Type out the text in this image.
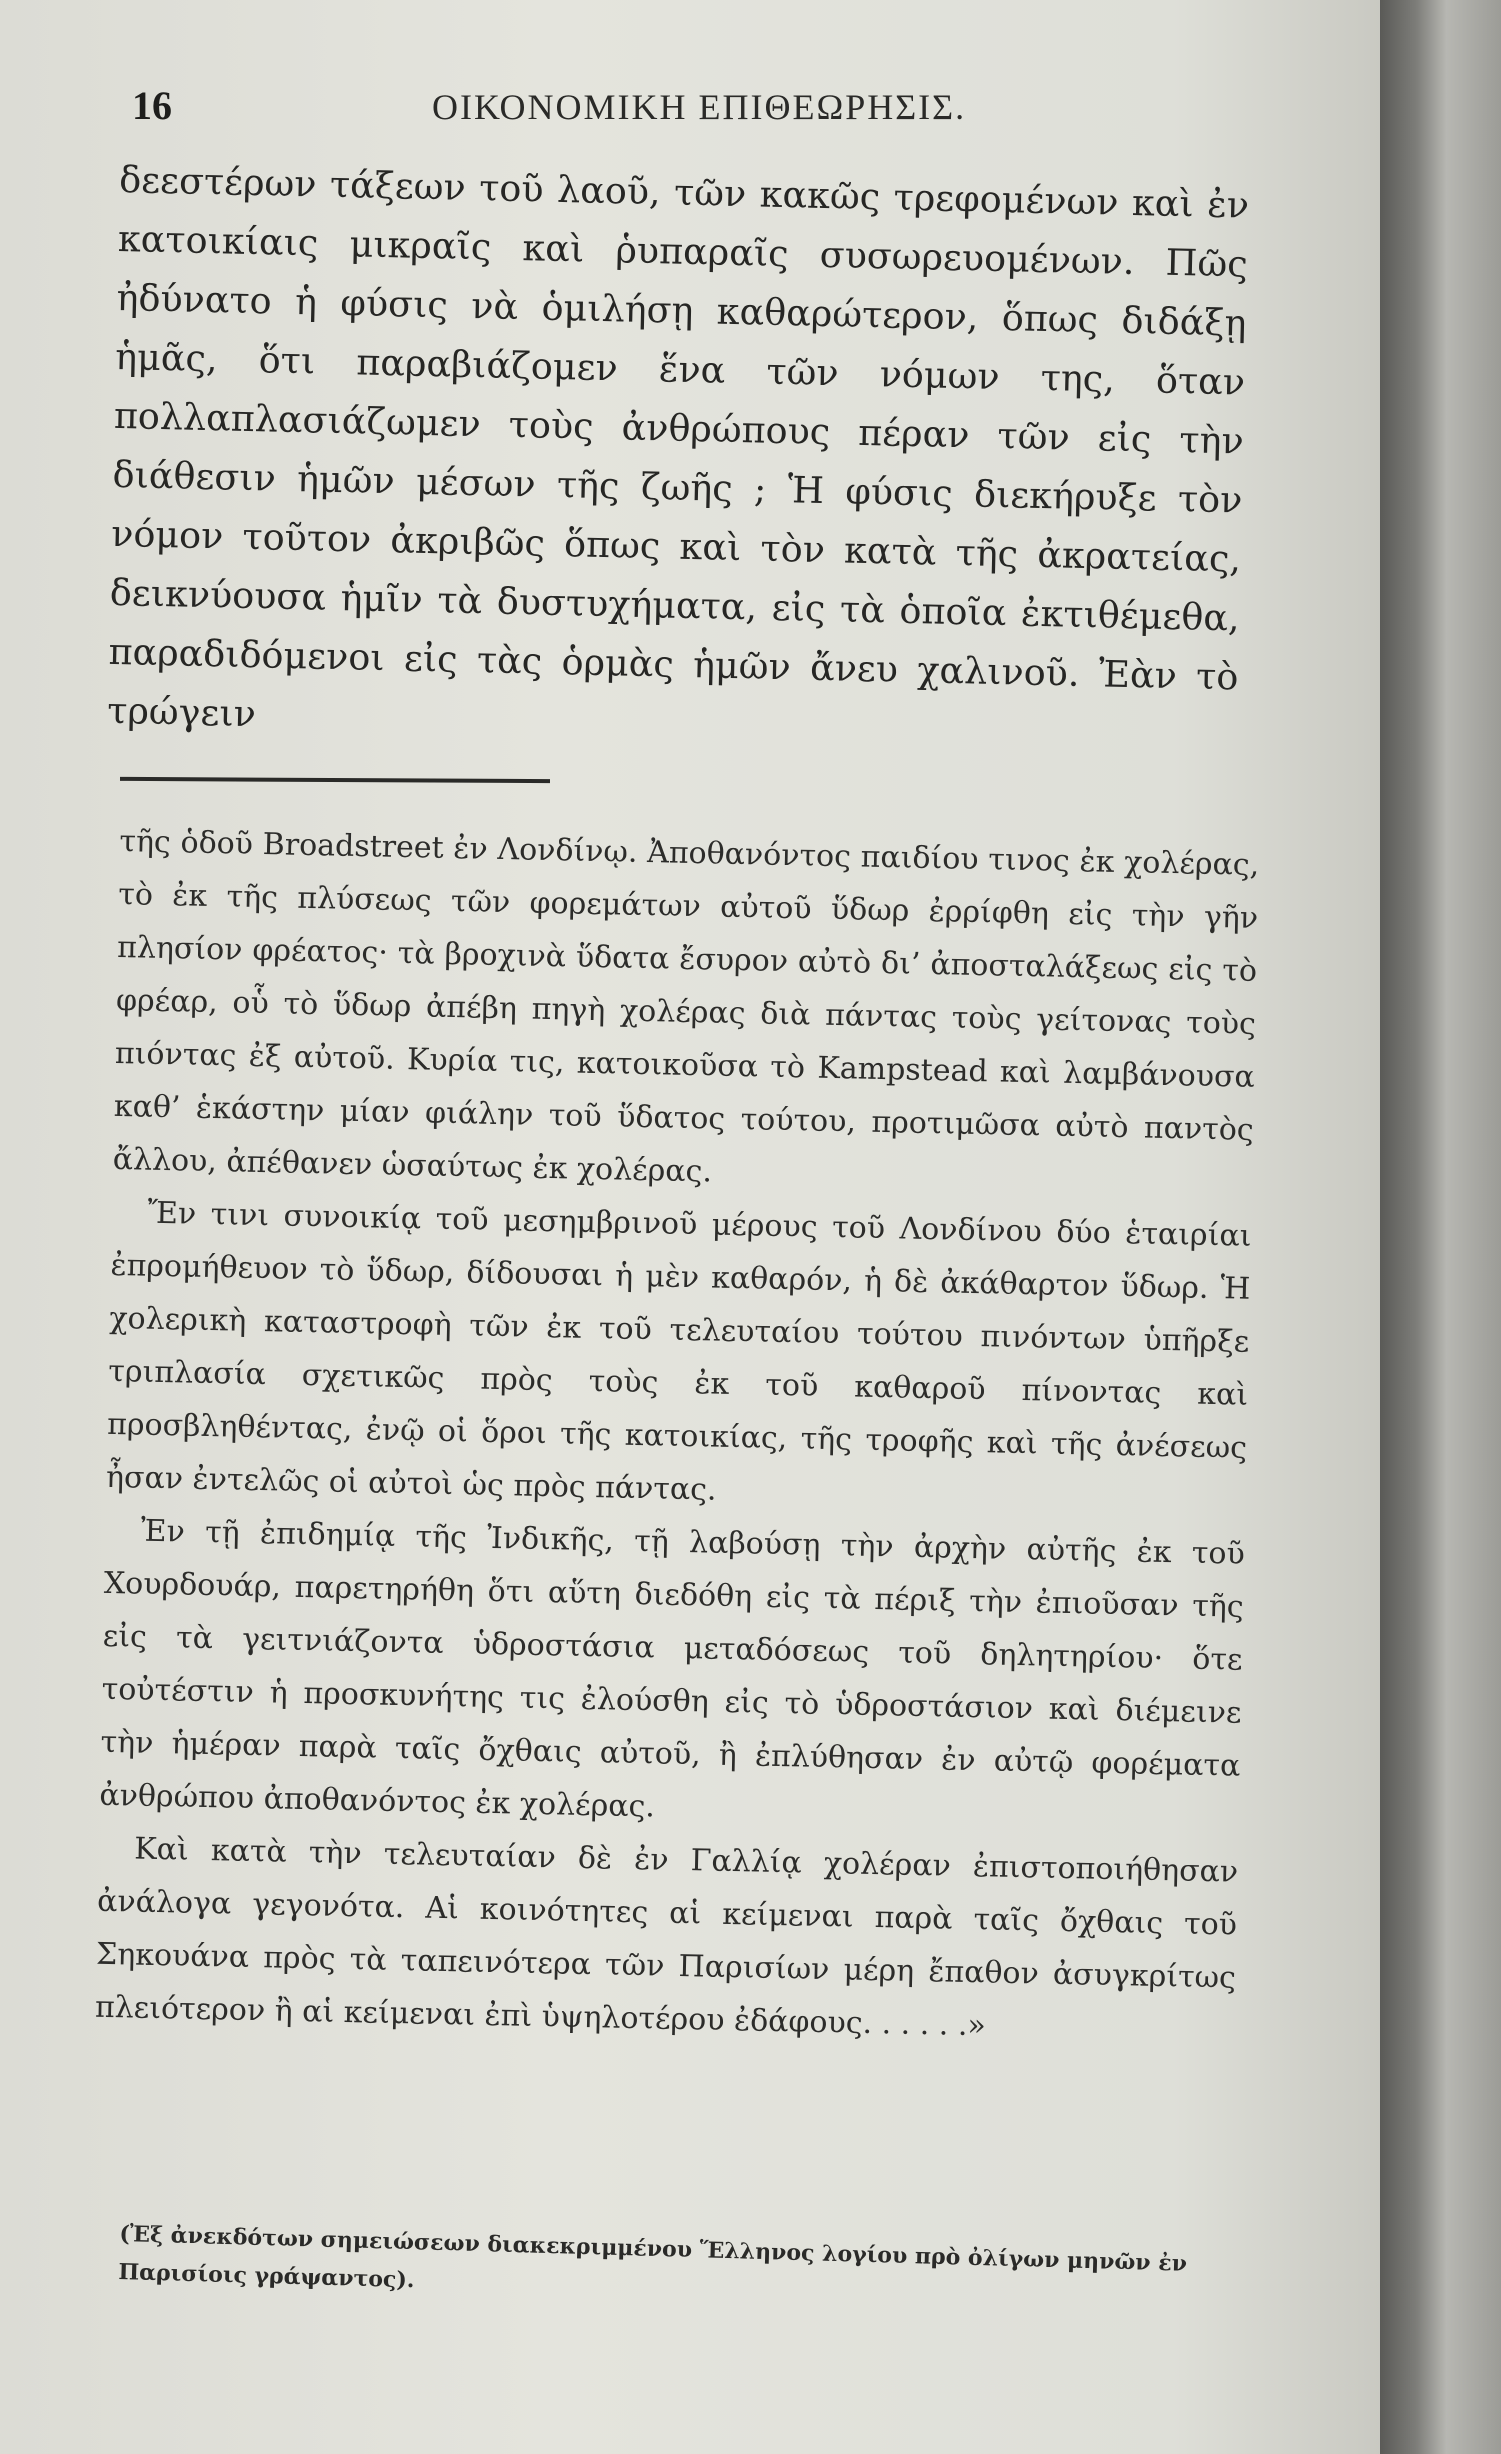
16	ΟΙΚΟΝΟΜΙΚΗ ΕΠΙΘΕΩΡΗΣΙΣ.

δεεστέρων τάξεων τοῦ λαοῦ, τῶν κακῶς τρεφομένων καὶ ἐν κατοικίαις μικραῖς καὶ ῥυπαραῖς συσωρευομένων. Πῶς ἠδύνατο ἡ φύσις νὰ ὁμιλήσῃ καθαρώτερον, ὅπως διδάξῃ ἡμᾶς, ὅτι παραβιάζομεν ἕνα τῶν νόμων της, ὅταν πολλαπλασιάζωμεν τοὺς ἀνθρώπους πέραν τῶν εἰς τὴν διάθεσιν ἡμῶν μέσων τῆς ζωῆς ; Ἡ φύσις διεκήρυξε τὸν νόμον τοῦτον ἀκριβῶς ὅπως καὶ τὸν κατὰ τῆς ἀκρατείας, δεικνύουσα ἡμῖν τὰ δυστυχήματα, εἰς τὰ ὁποῖα ἐκτιθέμεθα, παραδιδόμενοι εἰς τὰς ὁρμὰς ἡμῶν ἄνευ χαλινοῦ. Ἐὰν τὸ τρώγειν

τῆς ὁδοῦ Broadstreet ἐν Λονδίνῳ. Ἀποθανόντος παιδίου τινος ἐκ χολέρας, τὸ ἐκ τῆς πλύσεως τῶν φορεμάτων αὐτοῦ ὕδωρ ἐρρίφθη εἰς τὴν γῆν πλησίον φρέατος· τὰ βροχινὰ ὕδατα ἔσυρον αὐτὸ δι’ ἀποσταλάξεως εἰς τὸ φρέαρ, οὗ τὸ ὕδωρ ἀπέβη πηγὴ χολέρας διὰ πάντας τοὺς γείτονας τοὺς πιόντας ἐξ αὐτοῦ. Κυρία τις, κατοικοῦσα τὸ Kampstead καὶ λαμβάνουσα καθ’ ἑκάστην μίαν φιάλην τοῦ ὕδατος τούτου, προτιμῶσα αὐτὸ παντὸς ἄλλου, ἀπέθανεν ὡσαύτως ἐκ χολέρας.

Ἔν τινι συνοικίᾳ τοῦ μεσημβρινοῦ μέρους τοῦ Λονδίνου δύο ἑταιρίαι ἐπρομήθευον τὸ ὕδωρ, δίδουσαι ἡ μὲν καθαρόν, ἡ δὲ ἀκάθαρτον ὕδωρ. Ἡ χολερικὴ καταστροφὴ τῶν ἐκ τοῦ τελευταίου τούτου πινόντων ὑπῆρξε τριπλασία σχετικῶς πρὸς τοὺς ἐκ τοῦ καθαροῦ πίνοντας καὶ προσβληθέντας, ἐνῷ οἱ ὅροι τῆς κατοικίας, τῆς τροφῆς καὶ τῆς ἀνέσεως ἦσαν ἐντελῶς οἱ αὐτοὶ ὡς πρὸς πάντας.

Ἐν τῇ ἐπιδημίᾳ τῆς Ἰνδικῆς, τῇ λαβούσῃ τὴν ἀρχὴν αὐτῆς ἐκ τοῦ Χουρδουάρ, παρετηρήθη ὅτι αὕτη διεδόθη εἰς τὰ πέριξ τὴν ἐπιοῦσαν τῆς εἰς τὰ γειτνιάζοντα ὑδροστάσια μεταδόσεως τοῦ δηλητηρίου· ὅτε τοὐτέστιν ἡ προσκυνήτης τις ἐλούσθη εἰς τὸ ὑδροστάσιον καὶ διέμεινε τὴν ἡμέραν παρὰ ταῖς ὄχθαις αὐτοῦ, ἢ ἐπλύθησαν ἐν αὐτῷ φορέματα ἀνθρώπου ἀποθανόντος ἐκ χολέρας.

Καὶ κατὰ τὴν τελευταίαν δὲ ἐν Γαλλίᾳ χολέραν ἐπιστοποιήθησαν ἀνάλογα γεγονότα. Αἱ κοινότητες αἱ κείμεναι παρὰ ταῖς ὄχθαις τοῦ Σηκουάνα πρὸς τὰ ταπεινότερα τῶν Παρισίων μέρη ἔπαθον ἀσυγκρίτως πλειότερον ἢ αἱ κείμεναι ἐπὶ ὑψηλοτέρου ἐδάφους. . . . . .»

(Ἐξ ἀνεκδότων σημειώσεων διακεκριμμένου Ἕλληνος λογίου πρὸ ὀλίγων μηνῶν ἐν Παρισίοις γράψαντος).
